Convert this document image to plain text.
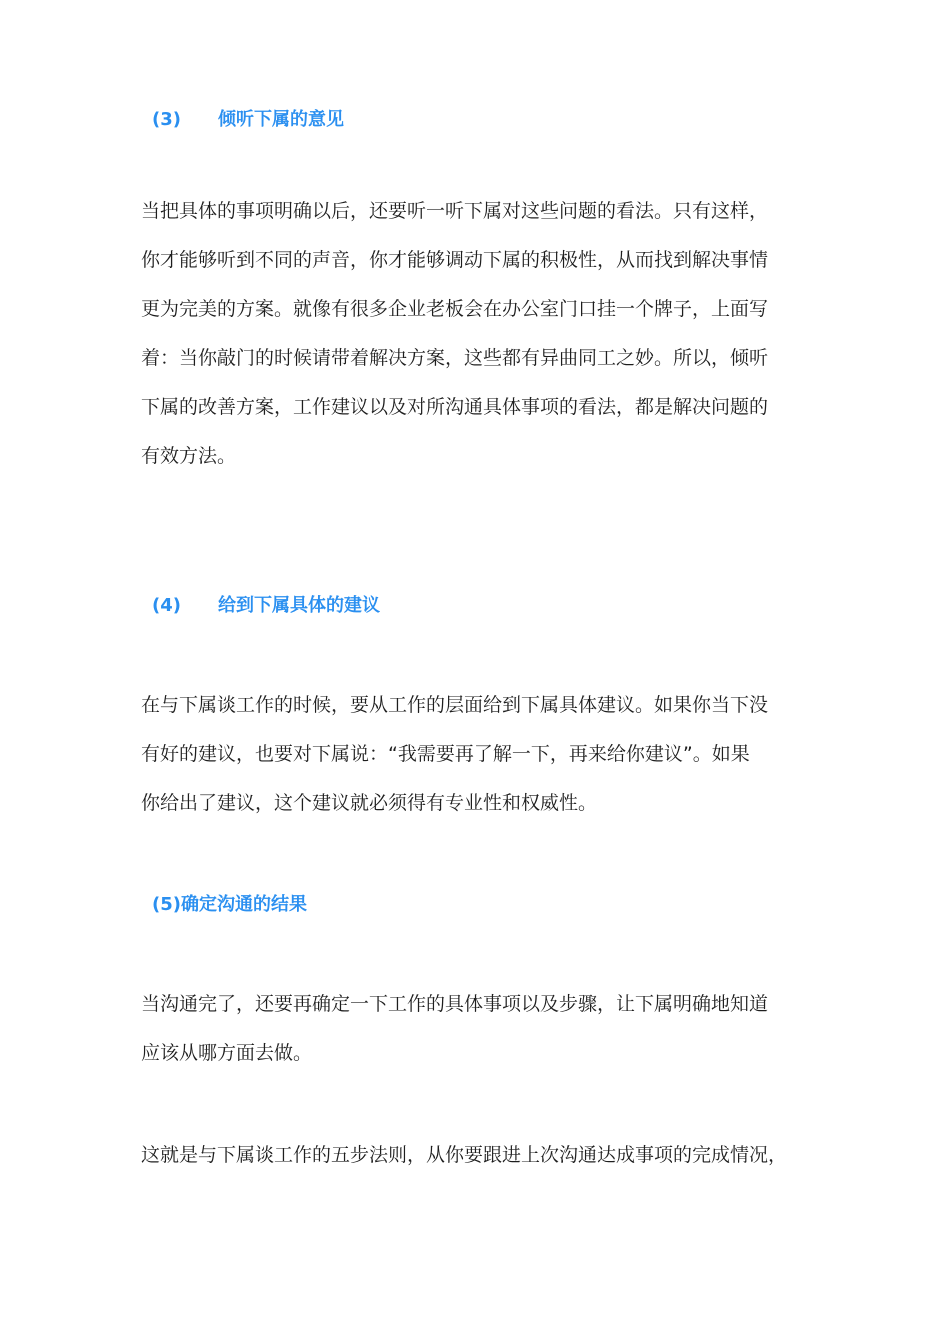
(3) 倾听下属的意见
当把具体的事项明确以后，还要听一听下属对这些问题的看法。只有这样，
你才能够听到不同的声音，你才能够调动下属的积极性，从而找到解决事情
更为完美的方案。就像有很多企业老板会在办公室门口挂一个牌子，上面写
着：当你敲门的时候请带着解决方案，这些都有异曲同工之妙。所以，倾听
下属的改善方案，工作建议以及对所沟通具体事项的看法，都是解决问题的
有效方法。
(4) 给到下属具体的建议
在与下属谈工作的时候，要从工作的层面给到下属具体建议。如果你当下没
有好的建议，也要对下属说：“我需要再了解一下，再来给你建议”。如果
你给出了建议，这个建议就必须得有专业性和权威性。
(5)确定沟通的结果
当沟通完了，还要再确定一下工作的具体事项以及步骤，让下属明确地知道
应该从哪方面去做。
这就是与下属谈工作的五步法则，从你要跟进上次沟通达成事项的完成情况，
